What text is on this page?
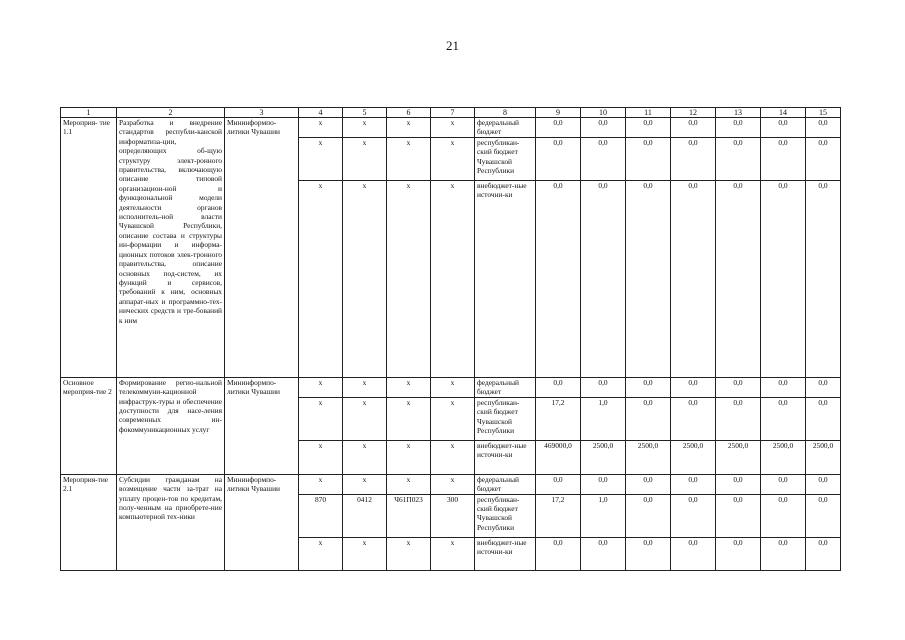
21
1	2	3	4	5	6	7	8	9	10	11	12	13	14	15
Мероприя- тие 1.1	Разработка и внедрение стандартов республи-канской информатиза-ции, определяющих об-щую структуру элект-ронного правительства, включающую описание типовой организацион-ной и функциональной модели деятельности органов исполнитель-ной власти Чувашской Республики, описание состава и структуры ин-формации и информа-ционных потоков элек-тронного правительства, описание основных под-систем, их функций и сервисов, требований к ним, основных аппарат-ных и программно-тех-нических средств и тре-бований к ним	Мининформпо-литики Чувашии	х	х	х	х	федеральный бюджет	0,0	0,0	0,0	0,0	0,0	0,0	0,0
			х	х	х	х	республикан-ский бюджет Чувашской Республики	0,0	0,0	0,0	0,0	0,0	0,0	0,0
			х	х	х	х	внебюджет-ные источни-ки	0,0	0,0	0,0	0,0	0,0	0,0	0,0
Основное мероприя-тие 2	Формирование регио-нальной телекоммуни-кационной инфраструк-туры и обеспечение доступности для насе-ления современных ин-фокоммуникационных услуг	Мининформпо-литики Чувашии	х	х	х	х	федеральный бюджет	0,0	0,0	0,0	0,0	0,0	0,0	0,0
			х	х	х	х	республикан-ский бюджет Чувашской Республики	17,2	1,0	0,0	0,0	0,0	0,0	0,0
			х	х	х	х	внебюджет-ные источни-ки	469000,0	2500,0	2500,0	2500,0	2500,0	2500,0	2500,0
Мероприя-тие 2.1	Субсидии гражданам на возмещение части за-трат на уплату процен-тов по кредитам, полу-ченным на приобрете-ние компьютерной тех-ники	Мининформпо-литики Чувашии	х	х	х	х	федеральный бюджет	0,0	0,0	0,0	0,0	0,0	0,0	0,0
			870	0412	Ч61П023	300	республикан-ский бюджет Чувашской Республики	17,2	1,0	0,0	0,0	0,0	0,0	0,0
			х	х	х	х	внебюджет-ные источни-ки	0,0	0,0	0,0	0,0	0,0	0,0	0,0
